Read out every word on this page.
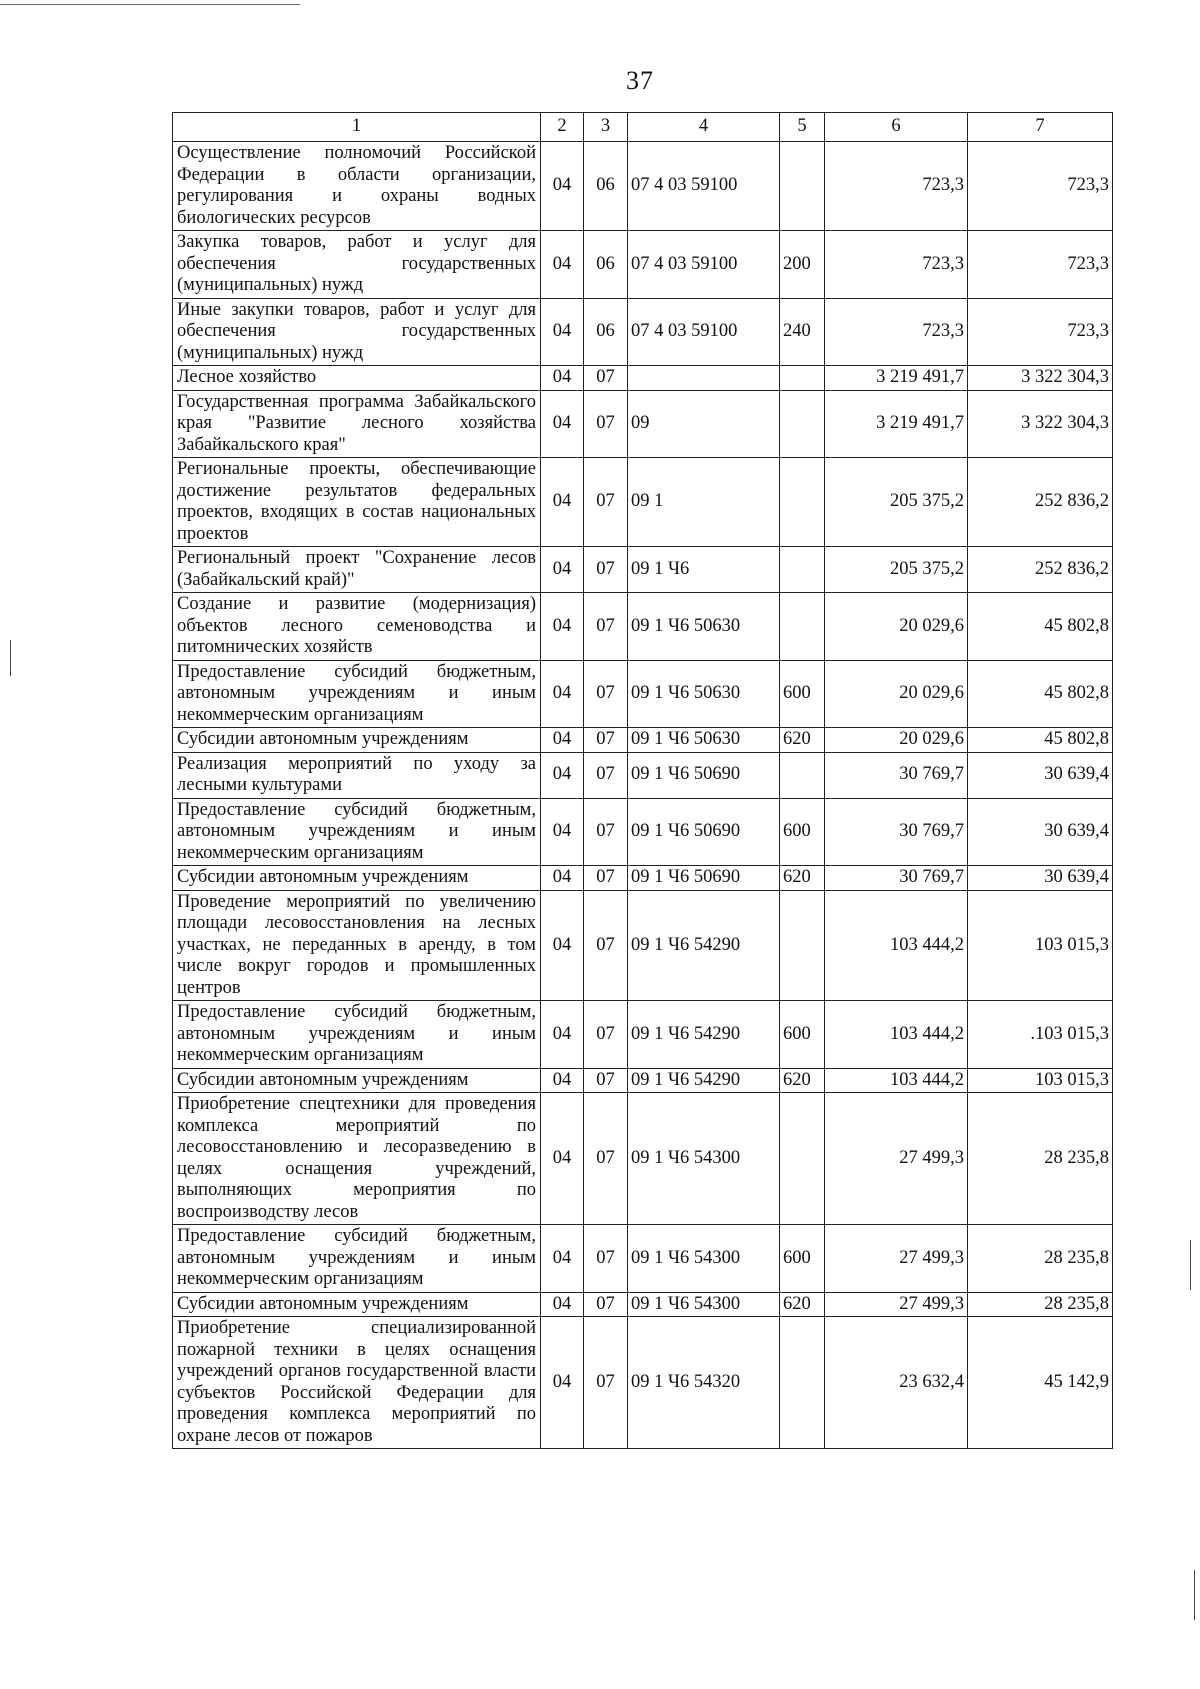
37
1	2	3	4	5	6	7
Осуществление полномочий Российской Федерации в области организации, регулирования и охраны водных биологических ресурсов	04	06	07 4 03 59100		723,3	723,3
Закупка товаров, работ и услуг для обеспечения государственных (муниципальных) нужд	04	06	07 4 03 59100	200	723,3	723,3
Иные закупки товаров, работ и услуг для обеспечения государственных (муниципальных) нужд	04	06	07 4 03 59100	240	723,3	723,3
Лесное хозяйство	04	07			3 219 491,7	3 322 304,3
Государственная программа Забайкальского края "Развитие лесного хозяйства Забайкальского края"	04	07	09		3 219 491,7	3 322 304,3
Региональные проекты, обеспечивающие достижение результатов федеральных проектов, входящих в состав национальных проектов	04	07	09 1		205 375,2	252 836,2
Региональный проект "Сохранение лесов (Забайкальский край)"	04	07	09 1 Ч6		205 375,2	252 836,2
Создание и развитие (модернизация) объектов лесного семеноводства и питомнических хозяйств	04	07	09 1 Ч6 50630		20 029,6	45 802,8
Предоставление субсидий бюджетным, автономным учреждениям и иным некоммерческим организациям	04	07	09 1 Ч6 50630	600	20 029,6	45 802,8
Субсидии автономным учреждениям	04	07	09 1 Ч6 50630	620	20 029,6	45 802,8
Реализация мероприятий по уходу за лесными культурами	04	07	09 1 Ч6 50690		30 769,7	30 639,4
Предоставление субсидий бюджетным, автономным учреждениям и иным некоммерческим организациям	04	07	09 1 Ч6 50690	600	30 769,7	30 639,4
Субсидии автономным учреждениям	04	07	09 1 Ч6 50690	620	30 769,7	30 639,4
Проведение мероприятий по увеличению площади лесовосстановления на лесных участках, не переданных в аренду, в том числе вокруг городов и промышленных центров	04	07	09 1 Ч6 54290		103 444,2	103 015,3
Предоставление субсидий бюджетным, автономным учреждениям и иным некоммерческим организациям	04	07	09 1 Ч6 54290	600	103 444,2	.103 015,3
Субсидии автономным учреждениям	04	07	09 1 Ч6 54290	620	103 444,2	103 015,3
Приобретение спецтехники для проведения комплекса мероприятий по лесовосстановлению и лесоразведению в целях оснащения учреждений, выполняющих мероприятия по воспроизводству лесов	04	07	09 1 Ч6 54300		27 499,3	28 235,8
Предоставление субсидий бюджетным, автономным учреждениям и иным некоммерческим организациям	04	07	09 1 Ч6 54300	600	27 499,3	28 235,8
Субсидии автономным учреждениям	04	07	09 1 Ч6 54300	620	27 499,3	28 235,8
Приобретение специализированной пожарной техники в целях оснащения учреждений органов государственной власти субъектов Российской Федерации для проведения комплекса мероприятий по охране лесов от пожаров	04	07	09 1 Ч6 54320		23 632,4	45 142,9
